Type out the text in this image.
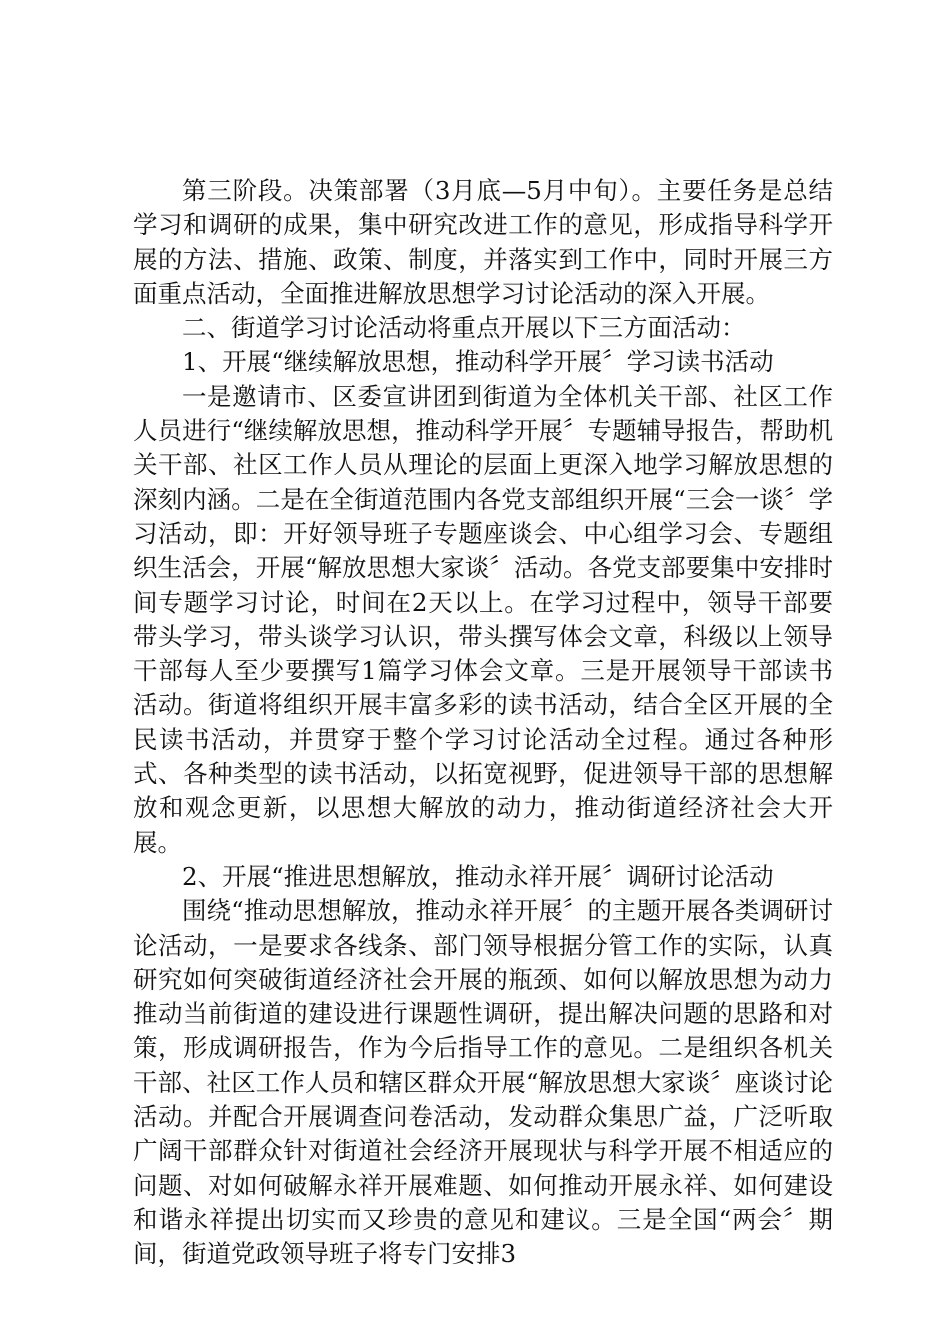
第三阶段。决策部署（3月底—5月中旬）。主要任务是总结学习和调研的成果，集中研究改进工作的意见，形成指导科学开展的方法、措施、政策、制度，并落实到工作中，同时开展三方面重点活动，全面推进解放思想学习讨论活动的深入开展。

二、街道学习讨论活动将重点开展以下三方面活动：

1、开展“继续解放思想，推动科学开展〞学习读书活动

一是邀请市、区委宣讲团到街道为全体机关干部、社区工作人员进行“继续解放思想，推动科学开展〞专题辅导报告，帮助机关干部、社区工作人员从理论的层面上更深入地学习解放思想的深刻内涵。二是在全街道范围内各党支部组织开展“三会一谈〞学习活动，即：开好领导班子专题座谈会、中心组学习会、专题组织生活会，开展“解放思想大家谈〞活动。各党支部要集中安排时间专题学习讨论，时间在2天以上。在学习过程中，领导干部要带头学习，带头谈学习认识，带头撰写体会文章，科级以上领导干部每人至少要撰写1篇学习体会文章。三是开展领导干部读书活动。街道将组织开展丰富多彩的读书活动，结合全区开展的全民读书活动，并贯穿于整个学习讨论活动全过程。通过各种形式、各种类型的读书活动，以拓宽视野，促进领导干部的思想解放和观念更新，以思想大解放的动力，推动街道经济社会大开展。

2、开展“推进思想解放，推动永祥开展〞调研讨论活动

围绕“推动思想解放，推动永祥开展〞的主题开展各类调研讨论活动，一是要求各线条、部门领导根据分管工作的实际，认真研究如何突破街道经济社会开展的瓶颈、如何以解放思想为动力推动当前街道的建设进行课题性调研，提出解决问题的思路和对策，形成调研报告，作为今后指导工作的意见。二是组织各机关干部、社区工作人员和辖区群众开展“解放思想大家谈〞座谈讨论活动。并配合开展调查问卷活动，发动群众集思广益，广泛听取广阔干部群众针对街道社会经济开展现状与科学开展不相适应的问题、对如何破解永祥开展难题、如何推动开展永祥、如何建设和谐永祥提出切实而又珍贵的意见和建议。三是全国“两会〞期间，街道党政领导班子将专门安排3
